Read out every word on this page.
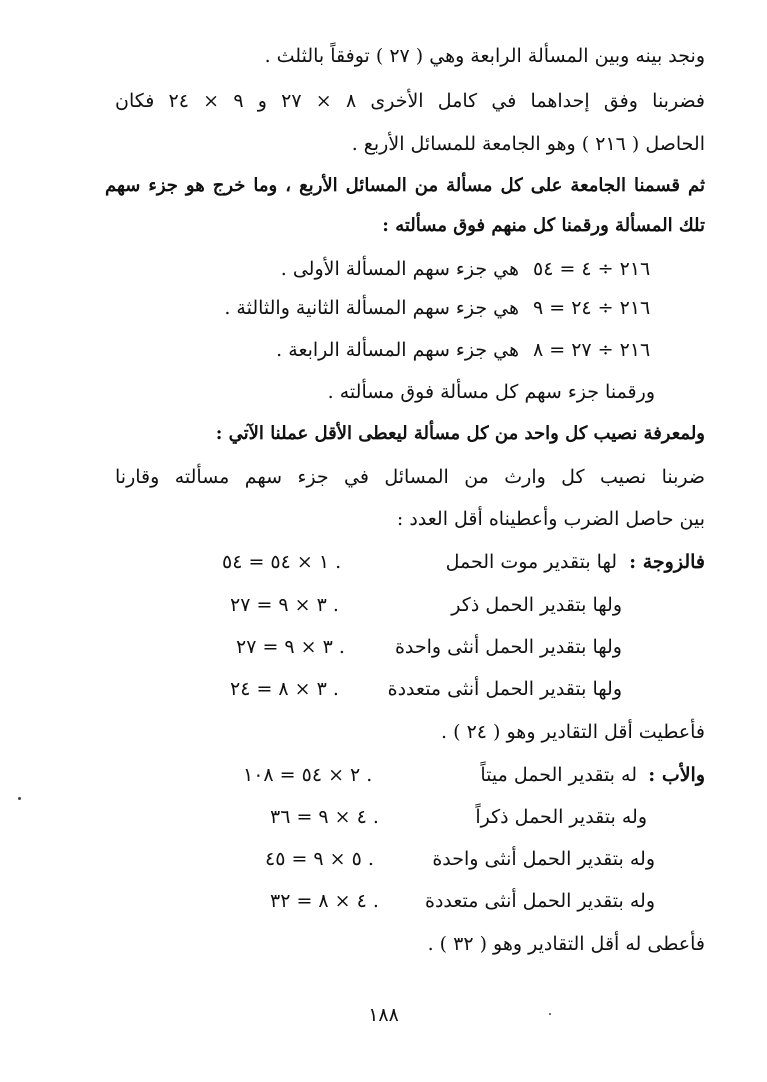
ونجد بينه وبين المسألة الرابعة وهي ( ٢٧ ) توفقاً بالثلث .
فضربنا وفق إحداهما في كامل الأخرى ٨ × ٢٧ و ٩ × ٢٤ فكان
الحاصل ( ٢١٦ ) وهو الجامعة للمسائل الأربع .
ثم قسمنا الجامعة على كل مسألة من المسائل الأربع ، وما خرج هو جزء سهم
تلك المسألة ورقمنا كل منهم فوق مسألته :
٢١٦ ÷ ٤ = ٥٤
هي جزء سهم المسألة الأولى .
٢١٦ ÷ ٢٤ = ٩
هي جزء سهم المسألة الثانية والثالثة .
٢١٦ ÷ ٢٧ = ٨
هي جزء سهم المسألة الرابعة .
ورقمنا جزء سهم كل مسألة فوق مسألته .
ولمعرفة نصيب كل واحد من كل مسألة ليعطى الأقل عملنا الآتي :
ضربنا نصيب كل وارث من المسائل في جزء سهم مسألته وقارنا
بين حاصل الضرب وأعطيناه أقل العدد :
فالزوجة :
لها بتقدير موت الحمل
١ × ٥٤ = ٥٤ .
ولها بتقدير الحمل ذكر
٣ × ٩ = ٢٧ .
ولها بتقدير الحمل أنثى واحدة
٣ × ٩ = ٢٧ .
ولها بتقدير الحمل أنثى متعددة
٣ × ٨ = ٢٤ .
فأعطيت أقل التقادير وهو ( ٢٤ ) .
والأب :
له بتقدير الحمل ميتاً
٢ × ٥٤ = ١٠٨ .
وله بتقدير الحمل ذكراً
٤ × ٩ = ٣٦ .
وله بتقدير الحمل أنثى واحدة
٥ × ٩ = ٤٥ .
وله بتقدير الحمل أنثى متعددة
٤ × ٨ = ٣٢ .
فأعطى له أقل التقادير وهو ( ٣٢ ) .
١٨٨
